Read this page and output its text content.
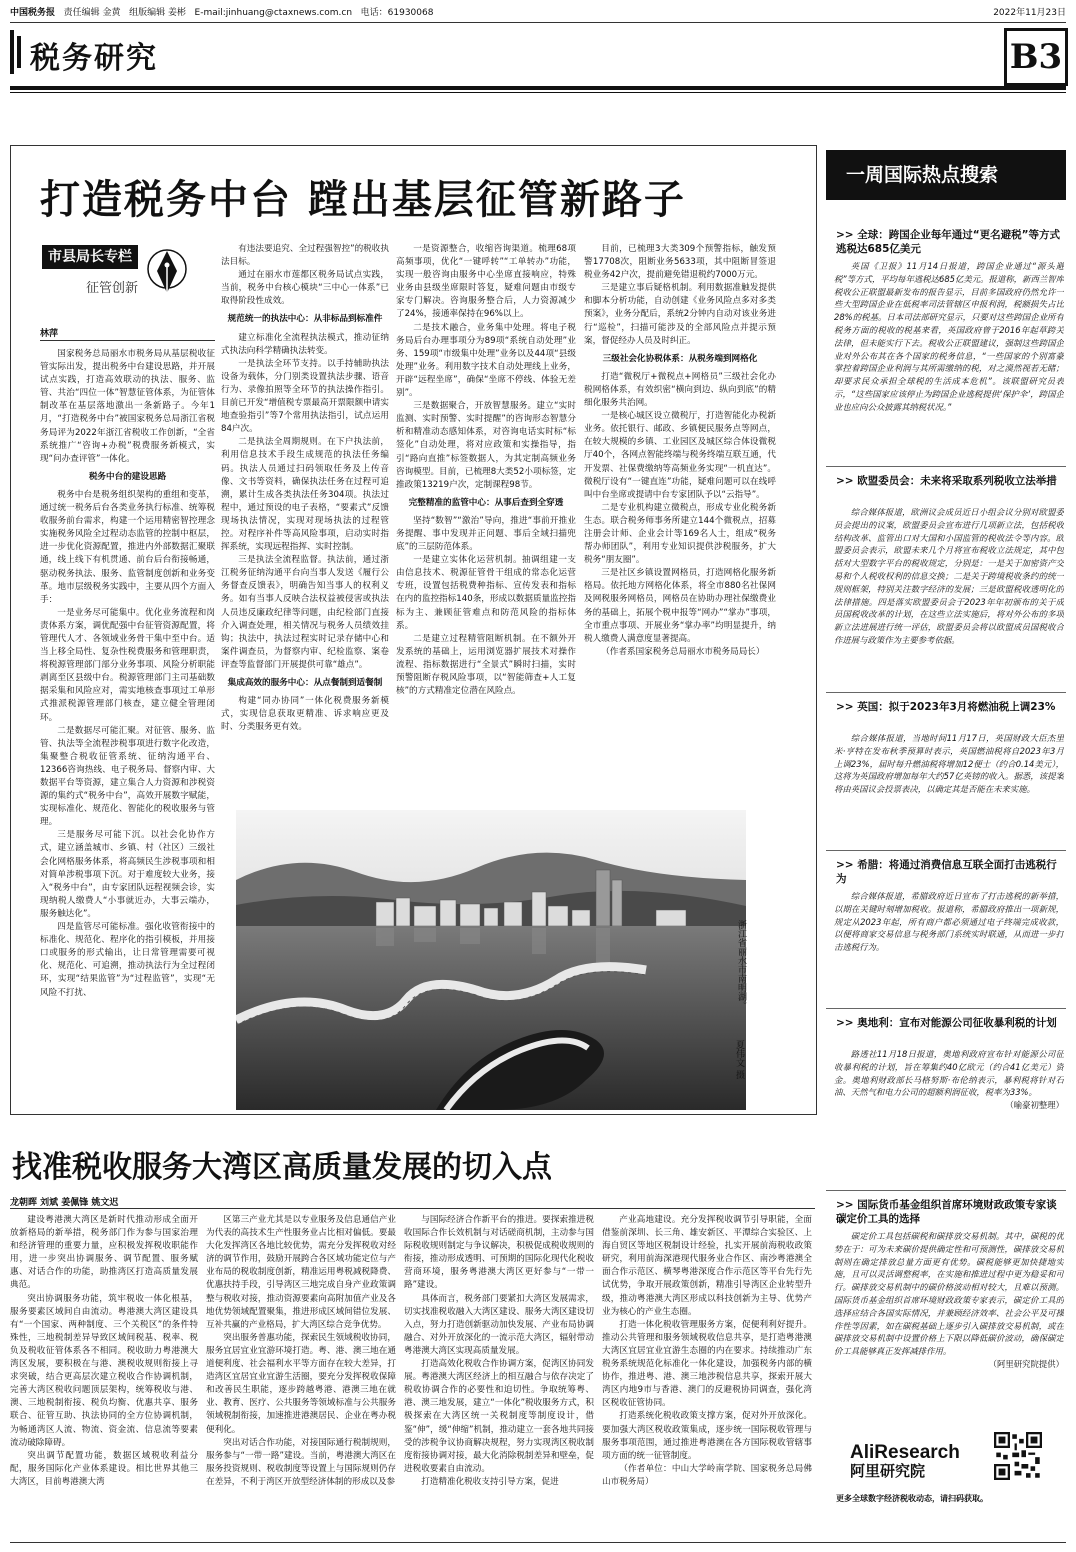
中国税务报 责任编辑 金黄 组版编辑 姜彬 E-mail:jinhuang@ctaxnews.com.cn 电话：61930068	2022年11月23日
税务研究	B3
打造税务中台 蹚出基层征管新路子
市县局长专栏
征管创新
林萍

国家税务总局丽水市税务局从基层税收征管实际出发，提出税务中台建设思路，并开展试点实践，打造高效联动的执法、服务、监管、共治“四位一体”智慧征管体系，为征管体制改革在基层落地激出一条新路子。今年1月，“打造税务中台”被国家税务总局浙江省税务局评为2022年浙江省税收工作创新，“全省系统推广“咨询+办税”税费服务新模式，实现“问办查评管”一体化。

税务中台的建设思路

税务中台是税务组织架构的重组和变革，通过统一税务后台各类业务执行标准、统筹税收服务前台需求，构建一个运用精密智控理念实施税务风险全过程动态监管的控制中枢层，进一步优化资源配置，推进内外部数据汇聚联通，线上线下有机贯通、前台后台衔接畅通，驱动税务执法、服务、监管制度创新和业务变革。地市层级税务实践中，主要从四个方面入手：

一是业务尽可能集中。优化业务流程和岗责体系方案，调优配强中台征管资源配置，将管理代人才、各领域业务骨干集中至中台。适当上移全局性、复杂性税费服务和管理职责，将税源管理部门部分业务事项、风险分析职能剥离至区县级中台。税源管理部门主司基础数据采集和风险应对，需实地核查事项过工单形式推派税源管理部门核查，建立健全管理闭环。

二是数据尽可能汇聚。对征管、服务、监管、执法等全流程涉税事项进行数字化改造，集聚整合税收征管系统、征纳沟通平台、12366咨询热线、电子税务局、督察内审、大数据平台等资源，建立集合人力资源和涉税资源的集约式“税务中台”，高效开展数字赋能，实现标准化、规范化、智能化的税收服务与管理。

三是服务尽可能下沉。以社会化协作方式，建立涵盖城市、乡镇、村（社区）三级社会化网格服务体系，将高频民生涉税事项和相对简单涉税事项下沉。对于难度较大业务，接入“税务中台”，由专家团队远程视频会诊，实现纳税人缴费人“小事就近办，大事云端办，服务触达化”。

四是监管尽可能标准。强化收管衔接中的标准化、规范化、程序化的指引模板，并用接口或服务的形式输出，让日常管理需要可视化、规范化、可追溯，推动执法行为全过程闭环，实现“结果监管”为“过程监管”，实现“无风险不打扰、

有违法要追究、全过程强智控”的税收执法目标。

通过在丽水市莲都区税务局试点实践，当前，税务中台核心模块“三中心一体系”已取得阶段性成效。

规范统一的执法中心：从非标品到标准件

建立标准化全流程执法模式，推动征纳式执法向科学精确执法转变。

一是执法全环节支持。以手持辅助执法设备为载体，分门别类设置执法步骤、语音行为、录像拍照等全环节的执法操作指引。目前已开发“增值税专票最高开票限额申请实地查验指引”等7个常用执法指引，试点运用84户次。

二是执法全周期规则。在下户执法前，利用信息技术手段生成规范的执法任务编码。执法人员通过扫码领取任务及上传音像、文书等资料，确保执法任务在过程可追溯，累计生成各类执法任务304项。执法过程中，通过预设的电子表格，“要素式”反馈现场执法情况，实现对现场执法的过程管控。对程序补件等高风险事项，启动实时指挥系统，实现远程指挥、实时控制。

三是执法全流程监督。执法前，通过浙江税务征纳沟通平台向当事人发送《履行公务督查反馈表》，明确告知当事人的权利义务。如有当事人反映合法权益被侵害或执法人员违反廉政纪律等问题，由纪检部门直接介入调查处理，相关情况与税务人员绩效挂钩；执法中，执法过程实时记录存储中心和案件调查员，为督察内审、纪检监察、案卷评查等监督部门开展提供可靠“雄点”。

集成高效的服务中心：从点餐制到适餐制

构建“同办协同”一体化税费服务新模式，实现信息获取更精准、诉求响应更及时、分类服务更有效。

一是资源整合，收缩咨询渠道。梳理68项高频事项，优化“一键呼转”“工单转办”功能，实现一般咨询由服务中心坐席直接响应，特殊业务由县级坐席限时答复，疑难问题由市级专家专门解决。咨询服务整合后，人力资源减少了24%，接通率保持在96%以上。

二是技术融合，业务集中处理。将电子税务局后台办理事项分为89项“系统自动处理”业务、159项“市级集中处理”业务以及44项“县级处理”业务。利用数字技术自动处理线上业务，开辟“远程坐席”，确保“坐席不停线、体验无差别”。

三是数据聚合，开放智慧服务。建立“实时监测、实时预警、实时提醒”的咨询形态智慧分析和精准动态感知体系，对咨询电话实时标“标签化”自动处理，将对应政策和实操指导，指引“路向直推”标签数据人，为其定制高频业务咨询模型。目前，已梳理8大类52小项标签，定推政策13219户次，定制课程98节。

完整精准的监管中心：从事后查到全穿透

坚持“数智”“激治”导向，推进“事前开推业务提醒、事中发现并正问题、事后全域扫描兜底”的三层防范体系。

一是建立实体化运营机制。抽调组建一支由信息技术、税源征管骨干组成的常态化运营专班，设置包括税费种指标、宣传发表和指标在内的监控指标140条，形成以数据质量监控指标为主、兼顾征管难点和防范风险的指标体系。

二是建立过程精管阻断机制。在不额外开发系统的基础上，运用浏览器扩展技术对操作流程、指标数据进行“全景式”瞬时扫描，实时预警阻断存税风险事项，以“智能筛查+人工复核”的方式精准定位潜在风险点。

目前，已梳理3大类309个预警指标，触发预警17708次，阻断业务5633项，其中阻断冒签退税业务42户次，提前避免错退税约7000万元。

三是建立事后疑格机制。利用数据准触发提供和脚本分析功能，自动创建《业务风险点多对多类预案》，业务分配后，系统2分钟内自动对该业务进行“巡检”，扫描可能涉及的全部风险点并提示预案，督促经办人员及时纠正。

三级社会化协税体系：从税务端到网格化

打造“微税厅+微税点+网格员”三级社会化办税网格体系，有效织密“横向到边、纵向到底”的精细化服务共治网。

一是核心城区设立微税厅，打造智能化办税新业务。依托银行、邮政、乡镇便民服务点等网点，在较大规模的乡镇、工业园区及城区综合体设微税厅40个，各网点智能终端与税务终端互联互通，代开发票、社保费缴纳等高频业务实现“一机直达”。微税厅设有“一键直连”功能，疑难问题可以在线呼叫中台坐席或提请中台专家团队予以“云指导”。

二是专业机构建立微税点，形成专业化税务新生态。联合税务师事务所建立144个微税点，招募注册会计师、企业会计等169名人士，组成“税务帮办师团队”，利用专业知识提供涉税服务，扩大税务“朋友圈”。

三是社区乡镇设置网格员，打造网格化服务新格局。依托地方网格化体系，将全市880名社保网及网税服务网格员，网格员在协助办理社保缴费业务的基础上，拓展个税申报等“网办”“掌办”事项，全市重点事项、开展业务“掌办率”均明显提升，纳税人缴费人满意度显著提高。

（作者系国家税务总局丽水市税务局局长）

浙江省丽水市南明湖。
夏伟文 摄
找准税收服务大湾区高质量发展的切入点
龙朝晖 刘斌 姜佩锋 姚文迟

建设粤港澳大湾区是新时代推动形成全面开放新格局的新举措，税务部门作为参与国家治理和经济管理的重要力量，应积极发挥税收职能作用，进一步突出协调服务、调节配置、服务赋惠、对话合作的功能，助推湾区打造高质量发展典范。

突出协调服务功能，筑牢税收一体化根基，服务要素区域间自由流动。粤港澳大湾区建设具有“一个国家、两种制度、三个关税区”的条件特殊性，三地税制差异导致区域间税基、税率、税负及税收征管体系各不相同。税收助力粤港澳大湾区发展，要积极在与港、澳税收规则衔接上寻求突破，结合更高层次建立税收合作协调机制，完善大湾区税收问题顶层架构，统筹税收与港、澳、三地税制衔接、税负均衡、优惠共享、服务联合、征管互助、执法协同的全方位协调机制，为畅通湾区人流、物流、资金流、信息流等要素流动破除障碍。

突出调节配置功能，数据区域税收利益分配，服务国际化产业体系建设。相比世界其他三大湾区，目前粤港澳大湾

区第三产业尤其是以专业服务及信息通信产业为代表的高技术生产性服务业占比相对偏低。要最大化发挥湾区各地比较优势，需充分发挥税收对经济的调节作用，鼓励开展跨合各区域功能定位与产业布局的税收制度创新，精准运用粤税减税降费、优惠扶持手段，引导湾区三地完成自身产业政策调整与税收对接，推动资源要素向高附加值产业及各地优势领域配置聚集，推进形成区域间错位发展、互补共赢的产业格局，扩大湾区综合竞争优势。

突出服务普惠功能，探索民生领域税收协同，服务宜居宜业宜游环境打造。粤、港、澳三地在通道便利度、社会福利水平等方面存在较大差异，打造湾区宜居宜业宜游生活圈，要充分发挥税收保障和改善民生职能，逐步跨越粤港、港澳三地在就业、教育、医疗、公共服务等领域标准与公共服务领域税制衔接，加速推进港澳居民、企业在粤办税便利化。

突出对话合作功能，对接国际通行税制规则，服务参与“一带一路”建设。当前，粤港澳大湾区在服务投资规则、税收制度等设置上与国际规则仍存在差异，不利于湾区开放型经济体制的形成以及参

与国际经济合作新平台的推进。要探索推进税收国际合作长效机制与对话磋商机制，主动参与国际税收规则制定与争议解决，积极促成税收规则的衔接，推动形成透明、可预期的国际化现代化税收营商环境，服务粤港澳大湾区更好参与“一带一路”建设。

具体而言，税务部门要紧扣大湾区发展需求，切实找准税收融入大湾区建设、服务大湾区建设切入点，努力打造创新驱动加快发展、产业布局协调融合、对外开放深化的一流示范大湾区，辐射带动粤港澳大湾区实现高质量发展。

打造高效化税收合作协调方案，促湾区协同发展。粤港澳大湾区经济上的相互融合与依存决定了税收协调合作的必要性和迫切性。争取统筹粤、港、澳三地发展，建立“一体化”税收服务方式，积极探索在大湾区统一关税制度等制度设计，借鉴“伸”，缓“伸缩”机制，推动建立一套各地共同接受的涉税争议协商解决规程，努力实现湾区税收制度衔接协调对接，最大化消除税制差异和壁垒，促进税收要素自由流动。

打造精准化税收支持引导方案，促进

产业高地建设。充分发挥税收调节引导职能，全面借鉴前深圳、长三角、雄安新区、平潭综合实验区、上海自贸区等地区税制设计经验，扎实开展前海税收政策研究，利用前海深港现代服务业合作区、南沙粤港澳全面合作示范区、横琴粤港深度合作示范区等平台先行先试优势，争取开展政策创新，精准引导湾区企业转型升级，推动粤港澳大湾区形成以科技创新为主导、优势产业为核心的产业生态圈。

打造一体化税收管理服务方案，促便利利好提升。推动公共管理和服务领域税收信息共享，是打造粤港澳大湾区宜居宜业宜游生态圈的内在要求。持续推动广东税务系统规范化标准化一体化建设，加强税务内部的横协作，推进粤、港、澳三地涉税信息共享，探索开展大湾区内地9市与香港、澳门的反避税协同调查，强化湾区税收征管协同。

打造系统化税收政策支撑方案，促对外开放深化。要加强大湾区税收政策集成，逐步统一国际税收管理与服务事项范围，通过推进粤港澳在各方国际税收管辖事项方面的统一征管制度。

（作者单位：中山大学岭南学院、国家税务总局佛山市税务局）

一周国际热点搜索
>> 全球：跨国企业每年通过“更名避税”等方式逃税达685亿美元

英国《卫报》11月14日报道，跨国企业通过“源头避税”等方式，平均每年逃税达685亿美元。报道称，新西兰智库税收公正联盟最新发布的报告显示，目前多国政府仍然允许一些大型跨国企业在低税率司法管辖区申报利润，税额损失占比28%的税基。日本司法部研究显示，只要对这些跨国企业所有税务方面的税收的税基来看，英国政府曾于2016年起草跨关法律，但未能实行下去。税收公正联盟建议，强制这些跨国企业对外公布其在各个国家的税务信息，“一些国家的个别富豪掌控着跨国企业利润与其所需缴纳的税，对之漠然视若无睹；却要求民众承担全球税的生活成本危机”。该联盟研究员表示，“这些国家应该停止为跨国企业逃税提供‘保护伞’，跨国企业也应向公众披露其纳税状况。”

>> 欧盟委员会：未来将采取系列税收立法举措

综合媒体报道，欧洲议会成员近日小组会议分别对欧盟委员会提出的议案，欧盟委员会宣布进行几项新立法，包括税收结构改革、监管出口对大国和小国监管的税收法令等内容。欧盟委员会表示，欧盟未来几个月将宣布税收立法规定，其中包括对大型数字平台的税收规定，分别是：一是关于加密资产交易和个人税收权利的信息交换；二是关于跨境税收条约的统一规则框架，特别关注数字经济的发展；三是欧盟税收透明化的法律措施。四是落实欧盟委员会于2023年年初颁布的关于成员国税收改革的计划，在这些立法实施后，将对外公布的多项新立法进展进行统一评估，欧盟委员会将以欧盟成员国税收合作进展与政策作为主要参考依据。

>> 英国：拟于2023年3月将燃油税上调23%

综合媒体报道，当地时间11月17日，英国财政大臣杰里米·亨特在发布秋季预算时表示，英国燃油税将自2023年3月上调23%，届时每升燃油税将增加12便士（约合0.14美元），这将为英国政府增加每年大约57亿英镑的收入。据悉，该提案将由英国议会投票表决，以确定其是否能在未来实施。

>> 希腊：将通过消费信息互联全面打击逃税行为

综合媒体报道，希腊政府近日宣布了打击逃税的新举措，以期在关键时刻增加税收。报道称，希腊政府推出一项新规，规定从2023年起，所有商户都必须通过电子终端完成收款，以便将商家交易信息与税务部门系统实时联通，从而进一步打击逃税行为。

>> 奥地利：宣布对能源公司征收暴利税的计划

路透社11月18日报道，奥地利政府宣布针对能源公司征收暴利税的计划，旨在筹集约40亿欧元（约合41亿美元）资金。奥地利财政部长马格努斯·布伦纳表示，暴利税将针对石油、天然气和电力公司的超额利润征收，税率为33%。

（喻豪初整理）

>> 国际货币基金组织首席环境财政政策专家谈碳定价工具的选择

碳定价工具包括碳税和碳排放交易机制。其中，碳税的优势在于：可为未来碳价提供确定性和可预测性，碳排放交易机制则在确定排放总量方面更有优势。碳税能够更加快捷地实施，且可以灵活调整税率，在实施和推进过程中更为稳妥和可行。碳排放交易机制中的碳价格波动相对较大，且难以预测。国际货币基金组织首席环境财政政策专家表示，碳定价工具的选择应结合各国实际情况，并兼顾经济效率、社会公平及可操作性等因素，如在碳税基础上逐步引入碳排放交易机制，或在碳排放交易机制中设置价格上下限以降低碳价波动，确保碳定价工具能够真正发挥减排作用。

（阿里研究院提供）

AliResearch
阿里研究院
更多全球数字经济税收动态，请扫码获取。
